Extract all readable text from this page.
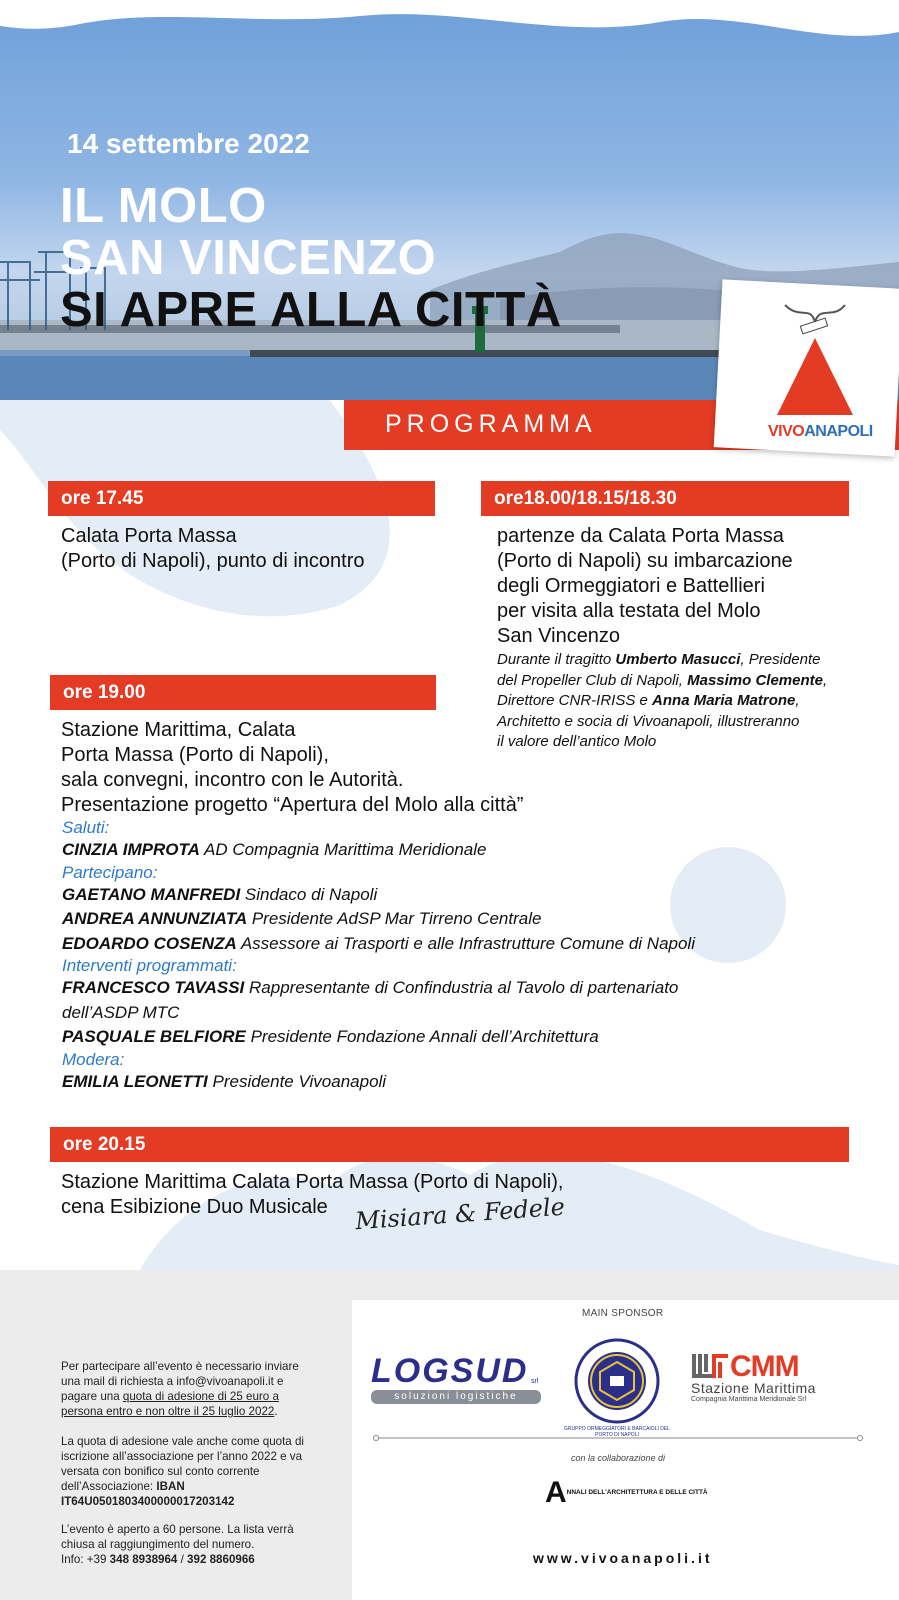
14 settembre 2022
IL MOLO
SAN VINCENZO
SI APRE ALLA CITTÀ
PROGRAMMA	VIVOANAPOLI
ore 17.45
Calata Porta Massa
(Porto di Napoli), punto di incontro
ore18.00/18.15/18.30
partenze da Calata Porta Massa
(Porto di Napoli) su imbarcazione
degli Ormeggiatori e Battellieri
per visita alla testata del Molo
San Vincenzo
Durante il tragitto Umberto Masucci, Presidente
del Propeller Club di Napoli, Massimo Clemente,
Direttore CNR-IRISS e Anna Maria Matrone,
Architetto e socia di Vivoanapoli, illustreranno
il valore dell’antico Molo
ore 19.00
Stazione Marittima, Calata
Porta Massa (Porto di Napoli),
sala convegni, incontro con le Autorità.
Presentazione progetto “Apertura del Molo alla città”
Saluti:
CINZIA IMPROTA AD Compagnia Marittima Meridionale
Partecipano:
GAETANO MANFREDI Sindaco di Napoli
ANDREA ANNUNZIATA Presidente AdSP Mar Tirreno Centrale
EDOARDO COSENZA Assessore ai Trasporti e alle Infrastrutture Comune di Napoli
Interventi programmati:
FRANCESCO TAVASSI Rappresentante di Confindustria al Tavolo di partenariato
dell’ASDP MTC
PASQUALE BELFIORE Presidente Fondazione Annali dell’Architettura
Modera:
EMILIA LEONETTI Presidente Vivoanapoli
ore 20.15
Stazione Marittima Calata Porta Massa (Porto di Napoli),
cena Esibizione Duo Musicale	Misiara & Fedele
Per partecipare all’evento è necessario inviare
una mail di richiesta a info@vivoanapoli.it e
pagare una quota di adesione di 25 euro a
persona entro e non oltre il 25 luglio 2022.
La quota di adesione vale anche come quota di
iscrizione all’associazione per l’anno 2022 e va
versata con bonifico sul conto corrente
dell’Associazione: IBAN
IT64U0501803400000017203142
L’evento è aperto a 60 persone. La lista verrà
chiusa al raggiungimento del numero.
Info: +39 348 8938964 / 392 8860966
MAIN SPONSOR
LOGSUD
soluzioni logistiche
srl
GRUPPO ORMEGGIATORI E BARCAIOLI DEL PORTO DI NAPOLI
CMM
Stazione Marittima
Compagnia Marittima Meridionale Srl
con la collaborazione di
$A^{NNALI DELL’ARCHITETTURA E DELLE CITTÀ}$
www.vivoanapoli.it
